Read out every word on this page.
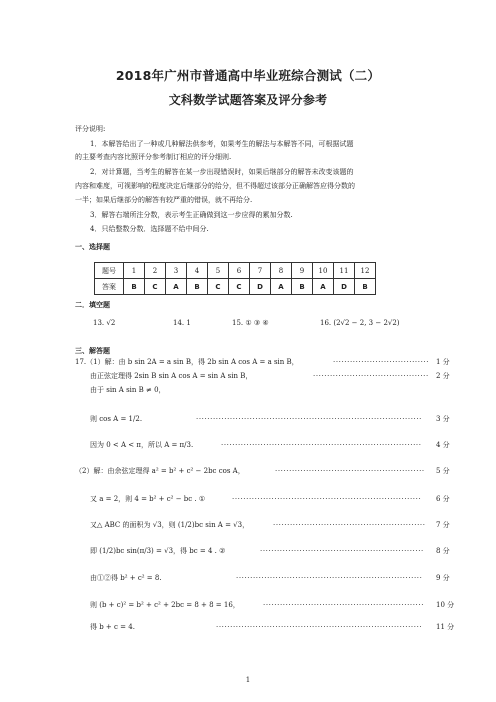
2018年广州市普通高中毕业班综合测试（二）
文科数学试题答案及评分参考
评分说明:
1．本解答给出了一种或几种解法供参考，如果考生的解法与本解答不同，可根据试题
的主要考查内容比照评分参考制订相应的评分细则.
2．对计算题，当考生的解答在某一步出现错误时，如果后继部分的解答未改变该题的
内容和难度，可视影响的程度决定后继部分的给分，但不得超过该部分正确解答应得分数的
一半；如果后继部分的解答有较严重的错误，就不再给分.
3．解答右端所注分数，表示考生正确做到这一步应得的累加分数.
4．只给整数分数．选择题不给中间分.
一、选择题
题号	1	2	3	4	5	6	7	8	9	10	11	12
答案	B	C	A	B	C	C	D	A	B	A	D	B
二．填空题
13. √2	14. 1	15. ① ③ ④	16. (2√2 − 2, 3 − 2√2)
三、解答题
17.（1）解：由 b sin 2A = a sin B，得 2b sin A cos A = a sin B，	·································· 1 分
由正弦定理得 2sin B sin A cos A = sin A sin B，	·········································	2 分
由于 sin A sin B ≠ 0，
则 cos A = 1/2.	················································································	3 分
因为 0 < A < π，所以 A = π/3.	·······································································	4 分
（2）解：由余弦定理得 a² = b² + c² − 2bc cos A，	·····················································	5 分
又 a = 2，则 4 = b² + c² − bc . ①	···································································	6 分
又△ ABC 的面积为 √3，则 (1/2)bc sin A = √3，	······················································	7 分
即 (1/2)bc sin(π/3) = √3，得 bc = 4 . ②	··························································	8 分
由①②得 b² + c² = 8.	··································································	9 分
则 (b + c)² = b² + c² + 2bc = 8 + 8 = 16，	·························································	10 分
得 b + c = 4.	·········································································	11 分
1
